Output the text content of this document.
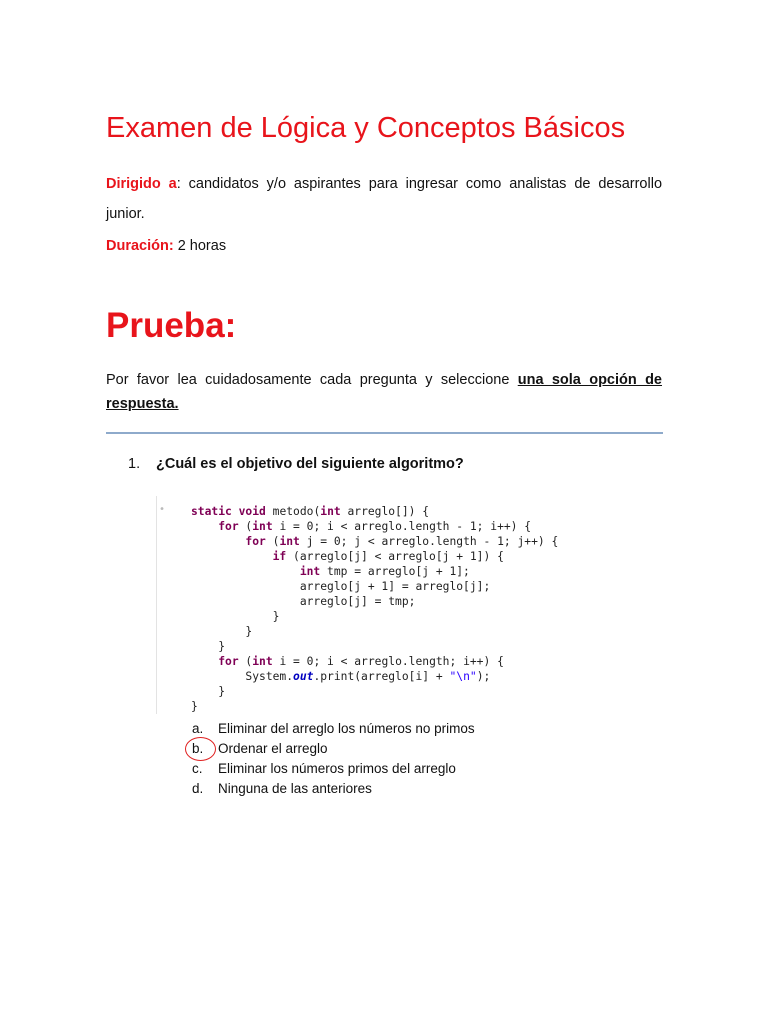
Examen de Lógica y Conceptos Básicos
Dirigido a: candidatos y/o aspirantes para ingresar como analistas de desarrollo junior.
Duración: 2 horas
Prueba:
Por favor lea cuidadosamente cada pregunta y seleccione una sola opción de respuesta.
1. ¿Cuál es el objetivo del siguiente algoritmo?
• static void metodo(int arreglo[]) {
for (int i = 0; i < arreglo.length - 1; i++) {
for (int j = 0; j < arreglo.length - 1; j++) {
if (arreglo[j] < arreglo[j + 1]) {
int tmp = arreglo[j + 1];
arreglo[j + 1] = arreglo[j];
arreglo[j] = tmp;
}
}
}
for (int i = 0; i < arreglo.length; i++) {
System.out.print(arreglo[i] + "\n");
}
}
a.	Eliminar del arreglo los números no primos
b.	Ordenar el arreglo
c.	Eliminar los números primos del arreglo
d.	Ninguna de las anteriores
